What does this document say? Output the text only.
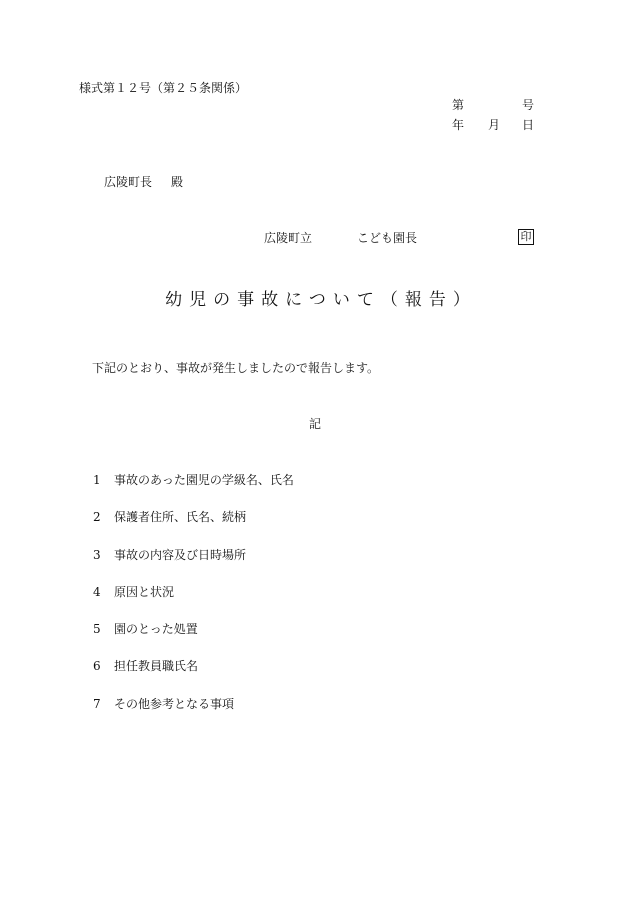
様式第１２号（第２５条関係）
第	号
年 月 日
広陵町長 殿
広陵町立	こども園長	印
幼児の事故について（報告）
下記のとおり、事故が発生しましたので報告します。
記
1 事故のあった園児の学級名、氏名
2 保護者住所、氏名、続柄
3 事故の内容及び日時場所
4 原因と状況
5 園のとった処置
6 担任教員職氏名
7 その他参考となる事項
